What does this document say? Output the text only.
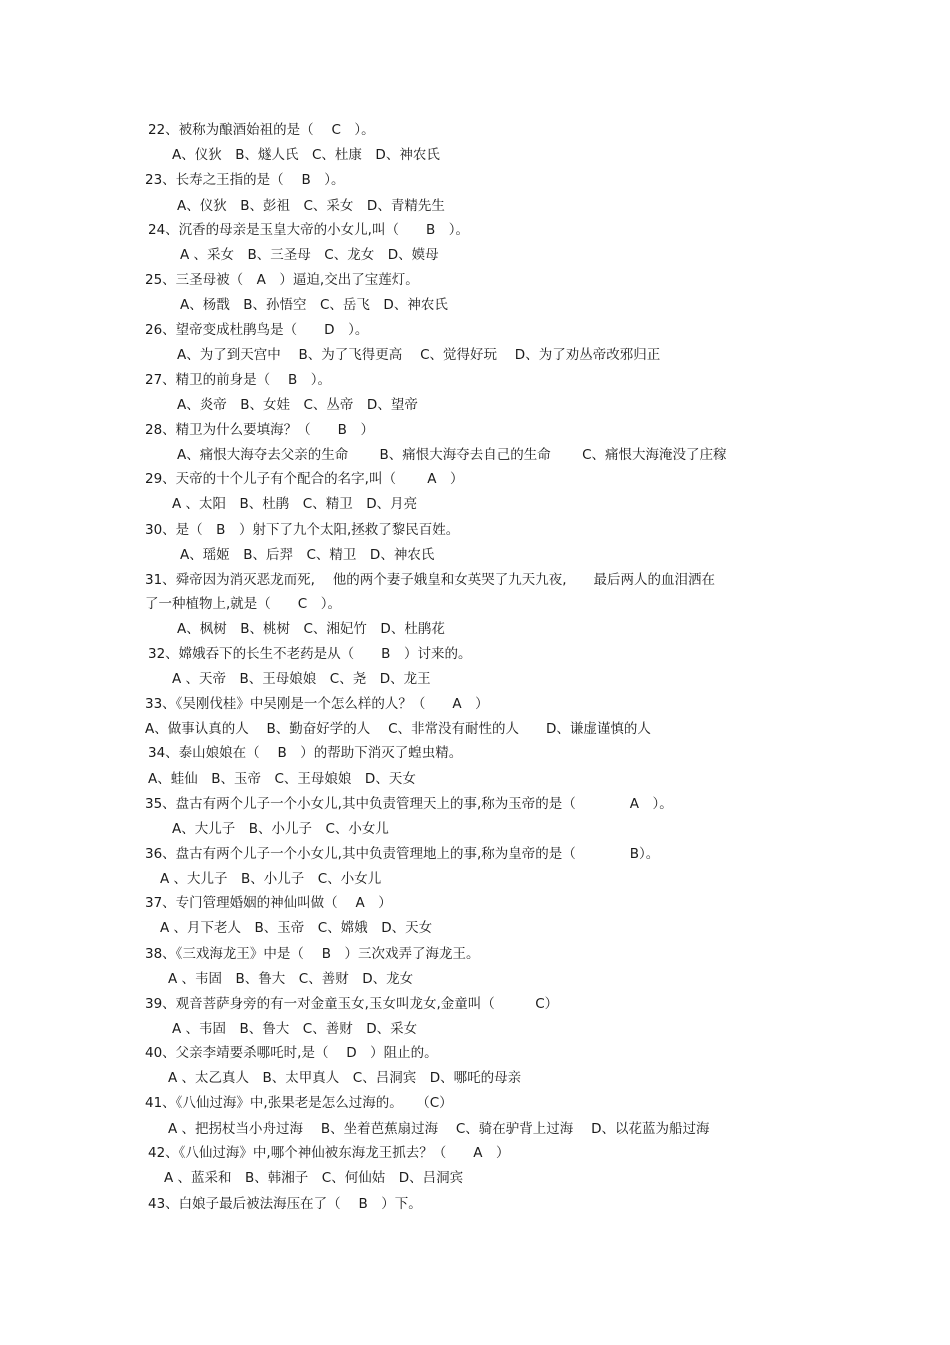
22、被称为酿酒始祖的是（　 C　）。
A、仪狄　B、燧人氏　C、杜康　D、神农氏
23、长寿之王指的是（　 B　）。
A、仪狄　B、彭祖　C、采女　D、青精先生
24、沉香的母亲是玉皇大帝的小女儿,叫（　　B　）。
A 、采女　B、三圣母　C、龙女　D、嫫母
25、三圣母被（　A　）逼迫,交出了宝莲灯。
A、杨戬　B、孙悟空　C、岳飞　D、神农氏
26、望帝变成杜鹃鸟是（　　D　）。
A、为了到天宫中　 B、为了飞得更高　 C、觉得好玩　 D、为了劝丛帝改邪归正
27、精卫的前身是（　 B　）。
A、炎帝　B、女娃　C、丛帝　D、望帝
28、精卫为什么要填海？（　　B　）
A、痛恨大海夺去父亲的生命　　 B、痛恨大海夺去自己的生命　　 C、痛恨大海淹没了庄稼
29、天帝的十个儿子有个配合的名字,叫（　　 A　）
A 、太阳　B、杜鹃　C、精卫　D、月亮
30、是（　B　）射下了九个太阳,拯救了黎民百姓。
A、瑶姬　B、后羿　C、精卫　D、神农氏
31、舜帝因为消灭恶龙而死,　 他的两个妻子娥皇和女英哭了九天九夜,　　最后两人的血泪洒在
了一种植物上,就是（　　C　）。
A、枫树　B、桃树　C、湘妃竹　D、杜鹃花
32、嫦娥吞下的长生不老药是从（　　B　）讨来的。
A 、天帝　B、王母娘娘　C、尧　D、龙王
33、《吴刚伐桂》中吴刚是一个怎么样的人？（　　A　）
A、做事认真的人　 B、勤奋好学的人　 C、非常没有耐性的人　　D、谦虚谨慎的人
34、泰山娘娘在（　 B　）的帮助下消灭了蝗虫精。
A、蛙仙　B、玉帝　C、王母娘娘　D、天女
35、盘古有两个儿子一个小女儿,其中负责管理天上的事,称为玉帝的是（　　　　A　）。
A、大儿子　B、小儿子　C、小女儿
36、盘古有两个儿子一个小女儿,其中负责管理地上的事,称为皇帝的是（　　　　B）。
A 、大儿子　B、小儿子　C、小女儿
37、专门管理婚姻的神仙叫做（　 A　）
A 、月下老人　B、玉帝　C、嫦娥　D、天女
38、《三戏海龙王》中是（　 B　）三次戏弄了海龙王。
A 、韦固　B、鲁大　C、善财　D、龙女
39、观音菩萨身旁的有一对金童玉女,玉女叫龙女,金童叫（　　　C）
A 、韦固　B、鲁大　C、善财　D、采女
40、父亲李靖要杀哪吒时,是（　 D　）阻止的。
A 、太乙真人　B、太甲真人　C、吕洞宾　D、哪吒的母亲
41、《八仙过海》中,张果老是怎么过海的。　　（C）
A 、把拐杖当小舟过海　 B、坐着芭蕉扇过海　 C、骑在驴背上过海　 D、以花蓝为船过海
42、《八仙过海》中,哪个神仙被东海龙王抓去？（　　A　）
A 、蓝采和　B、韩湘子　C、何仙姑　D、吕洞宾
43、白娘子最后被法海压在了（　 B　）下。
